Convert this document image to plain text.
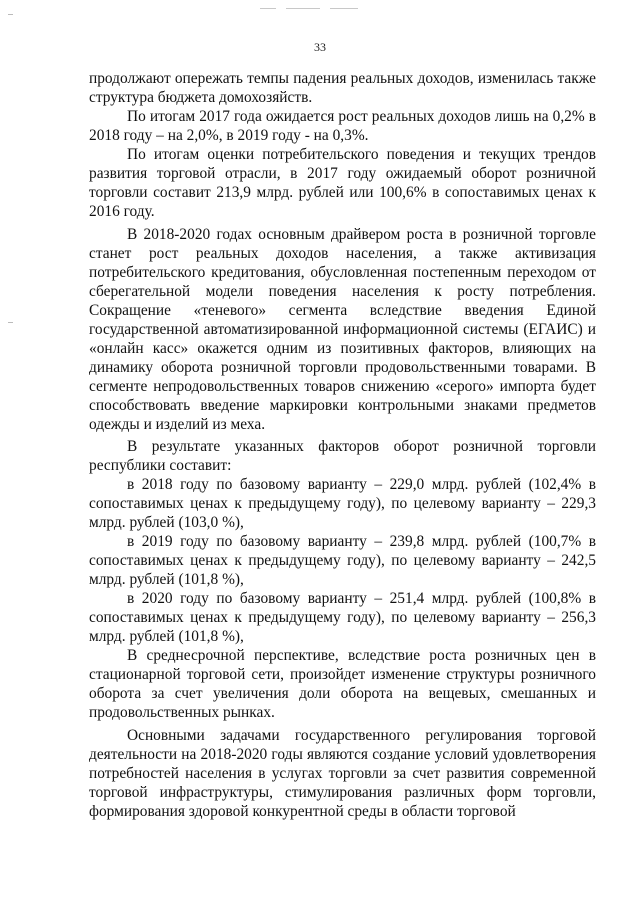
33

продолжают опережать темпы падения реальных доходов, изменилась также структура бюджета домохозяйств.

По итогам 2017 года ожидается рост реальных доходов лишь на 0,2% в 2018 году – на 2,0%, в 2019 году - на 0,3%.

По итогам оценки потребительского поведения и текущих трендов развития торговой отрасли, в 2017 году ожидаемый оборот розничной торговли составит 213,9 млрд. рублей или 100,6% в сопоставимых ценах к 2016 году.

В 2018-2020 годах основным драйвером роста в розничной торговле станет рост реальных доходов населения, а также активизация потребительского кредитования, обусловленная постепенным переходом от сберегательной модели поведения населения к росту потребления. Сокращение «теневого» сегмента вследствие введения Единой государственной автоматизированной информационной системы (ЕГАИС) и «онлайн касс» окажется одним из позитивных факторов, влияющих на динамику оборота розничной торговли продовольственными товарами. В сегменте непродовольственных товаров снижению «серого» импорта будет способствовать введение маркировки контрольными знаками предметов одежды и изделий из меха.

В результате указанных факторов оборот розничной торговли республики составит:

в 2018 году по базовому варианту – 229,0 млрд. рублей (102,4% в сопоставимых ценах к предыдущему году), по целевому варианту – 229,3 млрд. рублей (103,0 %),

в 2019 году по базовому варианту – 239,8 млрд. рублей (100,7% в сопоставимых ценах к предыдущему году), по целевому варианту – 242,5 млрд. рублей (101,8 %),

в 2020 году по базовому варианту – 251,4 млрд. рублей (100,8% в сопоставимых ценах к предыдущему году), по целевому варианту – 256,3 млрд. рублей (101,8 %),

В среднесрочной перспективе, вследствие роста розничных цен в стационарной торговой сети, произойдет изменение структуры розничного оборота за счет увеличения доли оборота на вещевых, смешанных и продовольственных рынках.

Основными задачами государственного регулирования торговой деятельности на 2018-2020 годы являются создание условий удовлетворения потребностей населения в услугах торговли за счет развития современной торговой инфраструктуры, стимулирования различных форм торговли, формирования здоровой конкурентной среды в области торговой
